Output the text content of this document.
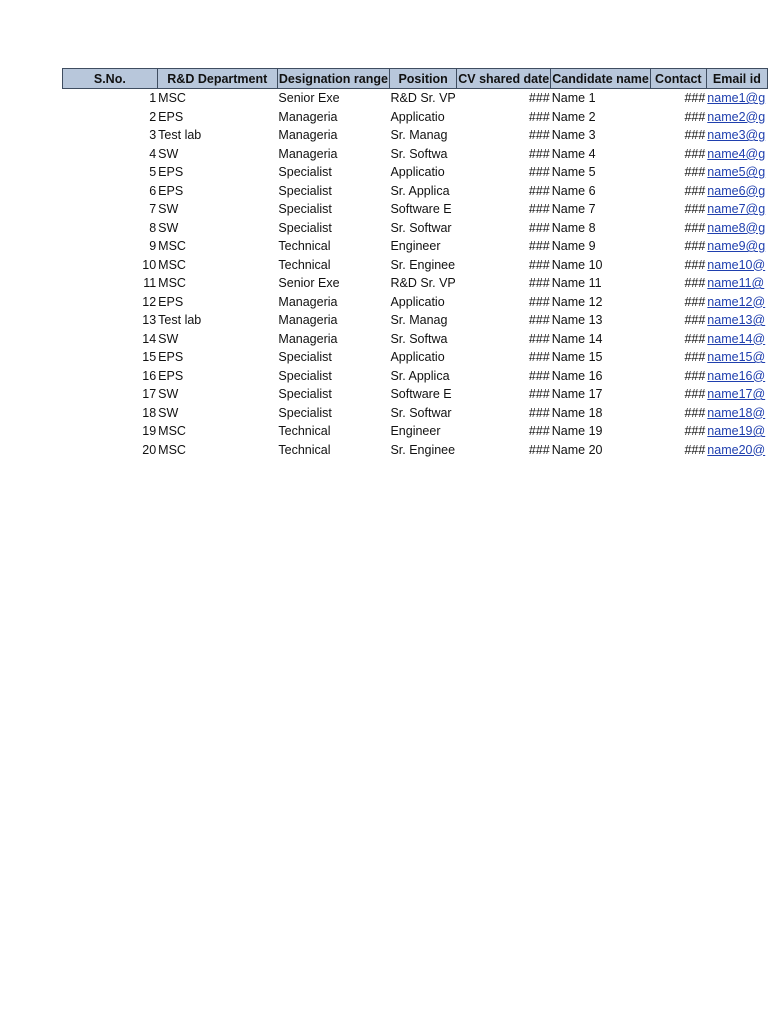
S.No.	R&D Department	Designation range	Position	CV shared date	Candidate name	Contact	Email id
1	MSC	Senior Exe	R&D Sr. VP	###	Name 1	###	name1@g
2	EPS	Manageria	Applicatio	###	Name 2	###	name2@g
3	Test lab	Manageria	Sr. Manag	###	Name 3	###	name3@g
4	SW	Manageria	Sr. Softwa	###	Name 4	###	name4@g
5	EPS	Specialist	Applicatio	###	Name 5	###	name5@g
6	EPS	Specialist	Sr. Applica	###	Name 6	###	name6@g
7	SW	Specialist	Software E	###	Name 7	###	name7@g
8	SW	Specialist	Sr. Softwar	###	Name 8	###	name8@g
9	MSC	Technical	Engineer	###	Name 9	###	name9@g
10	MSC	Technical	Sr. Enginee	###	Name 10	###	name10@
11	MSC	Senior Exe	R&D Sr. VP	###	Name 11	###	name11@
12	EPS	Manageria	Applicatio	###	Name 12	###	name12@
13	Test lab	Manageria	Sr. Manag	###	Name 13	###	name13@
14	SW	Manageria	Sr. Softwa	###	Name 14	###	name14@
15	EPS	Specialist	Applicatio	###	Name 15	###	name15@
16	EPS	Specialist	Sr. Applica	###	Name 16	###	name16@
17	SW	Specialist	Software E	###	Name 17	###	name17@
18	SW	Specialist	Sr. Softwar	###	Name 18	###	name18@
19	MSC	Technical	Engineer	###	Name 19	###	name19@
20	MSC	Technical	Sr. Enginee	###	Name 20	###	name20@
